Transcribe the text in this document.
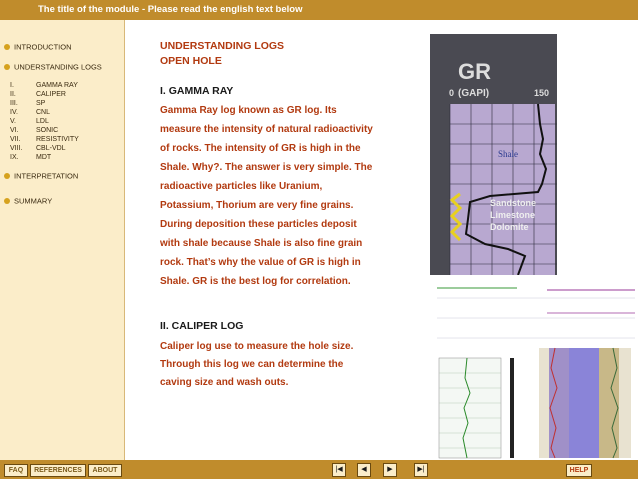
The title of the module - Please read the english text below
INTRODUCTION
UNDERSTANDING LOGS
I.	GAMMA RAY
II.	CALIPER
III.	SP
IV.	CNL
V.	LDL
VI. SONIC
VII. RESISTIVITY
VIII. CBL-VDL
IX. MDT
INTERPRETATION
SUMMARY
UNDERSTANDING LOGS
OPEN HOLE
I. GAMMA RAY
Gamma Ray log known as GR log. Its
measure the intensity of natural radioactivity
of rocks. The intensity of GR is high in the
Shale. Why?. The answer is very simple. The
radioactive particles like Uranium,
Potassium, Thorium are very fine grains.
During deposition these particles deposit
with shale because Shale is also fine grain
rock. That’s why the value of GR is high in
Shale. GR is the best log for correlation.
II. CALIPER LOG
Caliper log use to measure the hole size.
Through this log we can determine the
caving size and wash outs.
GR
(GAPI)
0	150
Shale
Sandstone
Limestone
Dolomite
FAQ	REFERENCES	ABOUT	|◀	◀	▶	▶|	HELP
